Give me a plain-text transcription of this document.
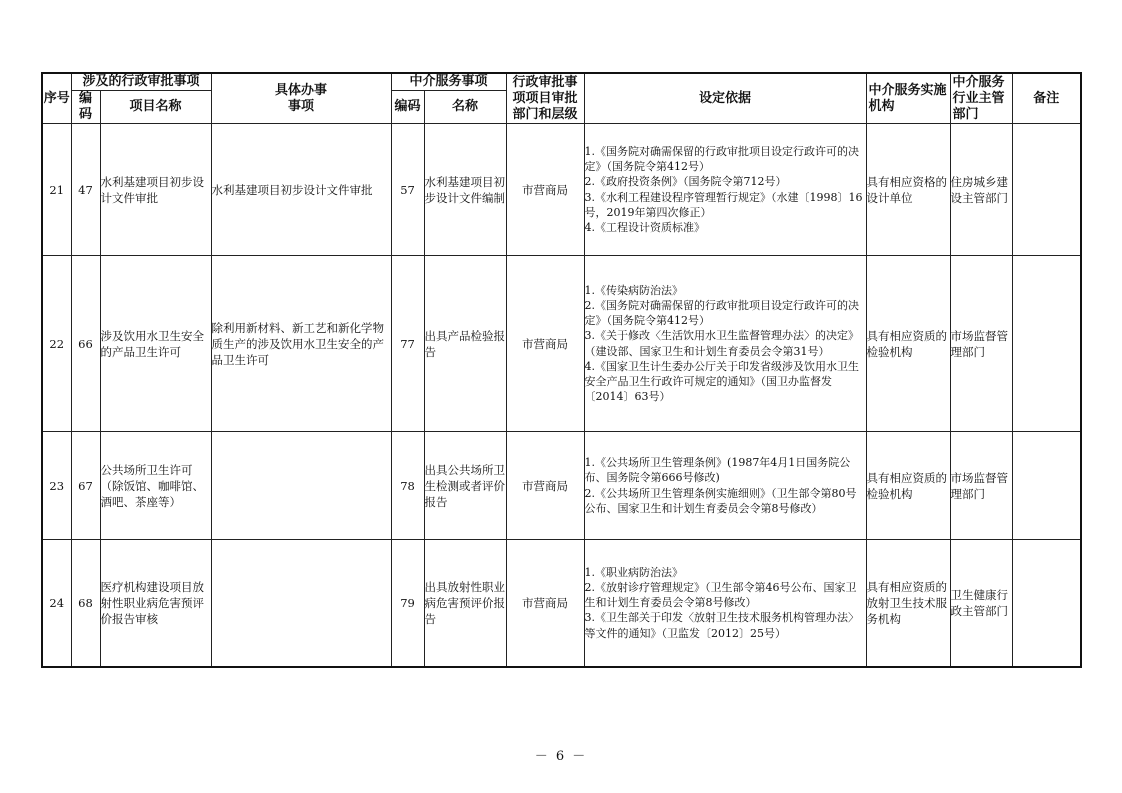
序号	涉及的行政审批事项		具体办事事项	中介服务事项		行政审批事项项目审批部门和层级	设定依据	中介服务实施机构	中介服务行业主管部门	备注
	编码	项目名称		编码	名称					
21	47	水利基建项目初步设计文件审批	水利基建项目初步设计文件审批	57	水利基建项目初步设计文件编制	市营商局	1.《国务院对确需保留的行政审批项目设定行政许可的决定》（国务院令第412号）
2.《政府投资条例》（国务院令第712号）
3.《水利工程建设程序管理暂行规定》（水建〔1998〕16号，2019年第四次修正）
4.《工程设计资质标准》	具有相应资格的设计单位	住房城乡建设主管部门	
22	66	涉及饮用水卫生安全的产品卫生许可	除利用新材料、新工艺和新化学物质生产的涉及饮用水卫生安全的产品卫生许可	77	出具产品检验报告	市营商局	1.《传染病防治法》
2.《国务院对确需保留的行政审批项目设定行政许可的决定》（国务院令第412号）
3.《关于修改〈生活饮用水卫生监督管理办法〉的决定》（建设部、国家卫生和计划生育委员会令第31号）
4.《国家卫生计生委办公厅关于印发省级涉及饮用水卫生安全产品卫生行政许可规定的通知》（国卫办监督发〔2014〕63号）	具有相应资质的检验机构	市场监督管理部门	
23	67	公共场所卫生许可（除饭馆、咖啡馆、酒吧、茶座等）		78	出具公共场所卫生检测或者评价报告	市营商局	1.《公共场所卫生管理条例》(1987年4月1日国务院公布、国务院令第666号修改)
2.《公共场所卫生管理条例实施细则》（卫生部令第80号公布、国家卫生和计划生育委员会令第8号修改）	具有相应资质的检验机构	市场监督管理部门	
24	68	医疗机构建设项目放射性职业病危害预评价报告审核		79	出具放射性职业病危害预评价报告	市营商局	1.《职业病防治法》
2.《放射诊疗管理规定》（卫生部令第46号公布、国家卫生和计划生育委员会令第8号修改）
3.《卫生部关于印发〈放射卫生技术服务机构管理办法〉等文件的通知》（卫监发〔2012〕25号）	具有相应资质的放射卫生技术服务机构	卫生健康行政主管部门	
－ 6 －
